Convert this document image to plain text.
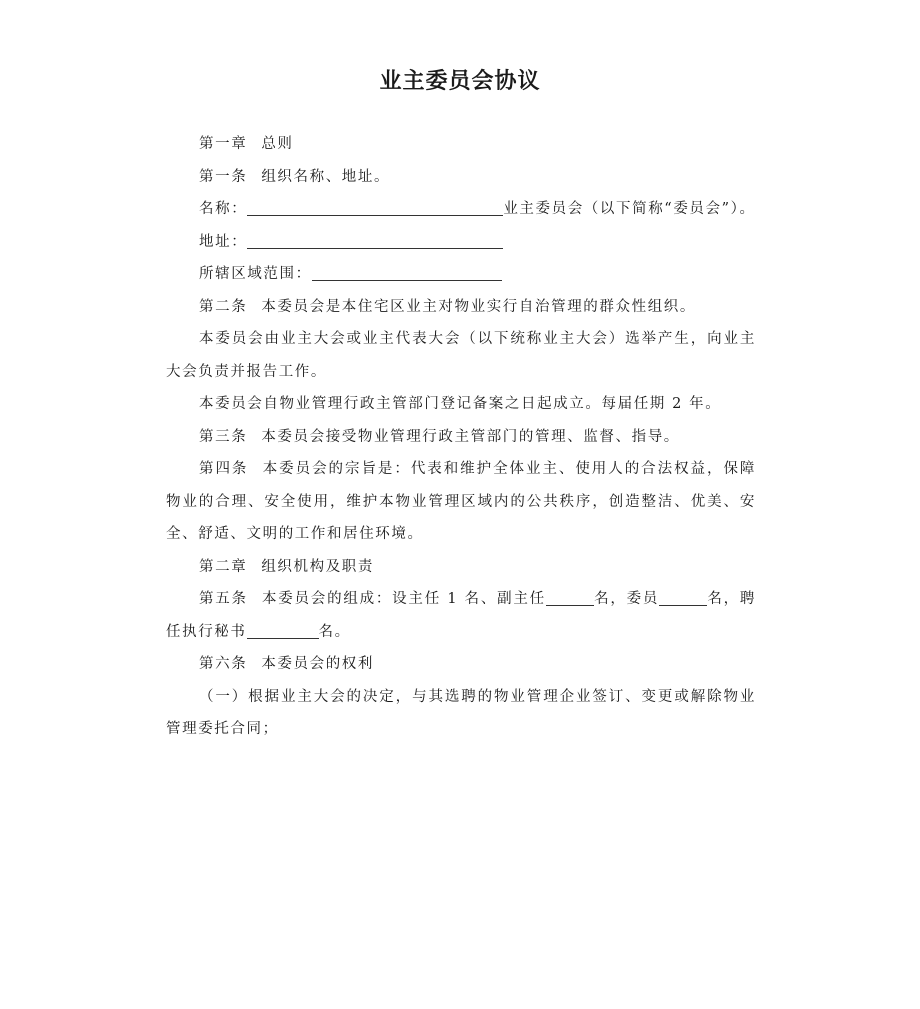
业主委员会协议

第一章 总则

第一条 组织名称、地址。

名称：	业主委员会（以下简称“委员会”）。

地址：

所辖区域范围：

第二条 本委员会是本住宅区业主对物业实行自治管理的群众性组织。

本委员会由业主大会或业主代表大会（以下统称业主大会）选举产生，向业主大会负责并报告工作。

本委员会自物业管理行政主管部门登记备案之日起成立。每届任期 2 年。

第三条 本委员会接受物业管理行政主管部门的管理、监督、指导。

第四条 本委员会的宗旨是：代表和维护全体业主、使用人的合法权益，保障物业的合理、安全使用，维护本物业管理区域内的公共秩序，创造整洁、优美、安全、舒适、文明的工作和居住环境。

第二章 组织机构及职责

第五条 本委员会的组成：设主任 1 名、副主任	名，委员	名，聘任执行秘书	名。

第六条 本委员会的权利

（一）根据业主大会的决定，与其选聘的物业管理企业签订、变更或解除物业管理委托合同；
